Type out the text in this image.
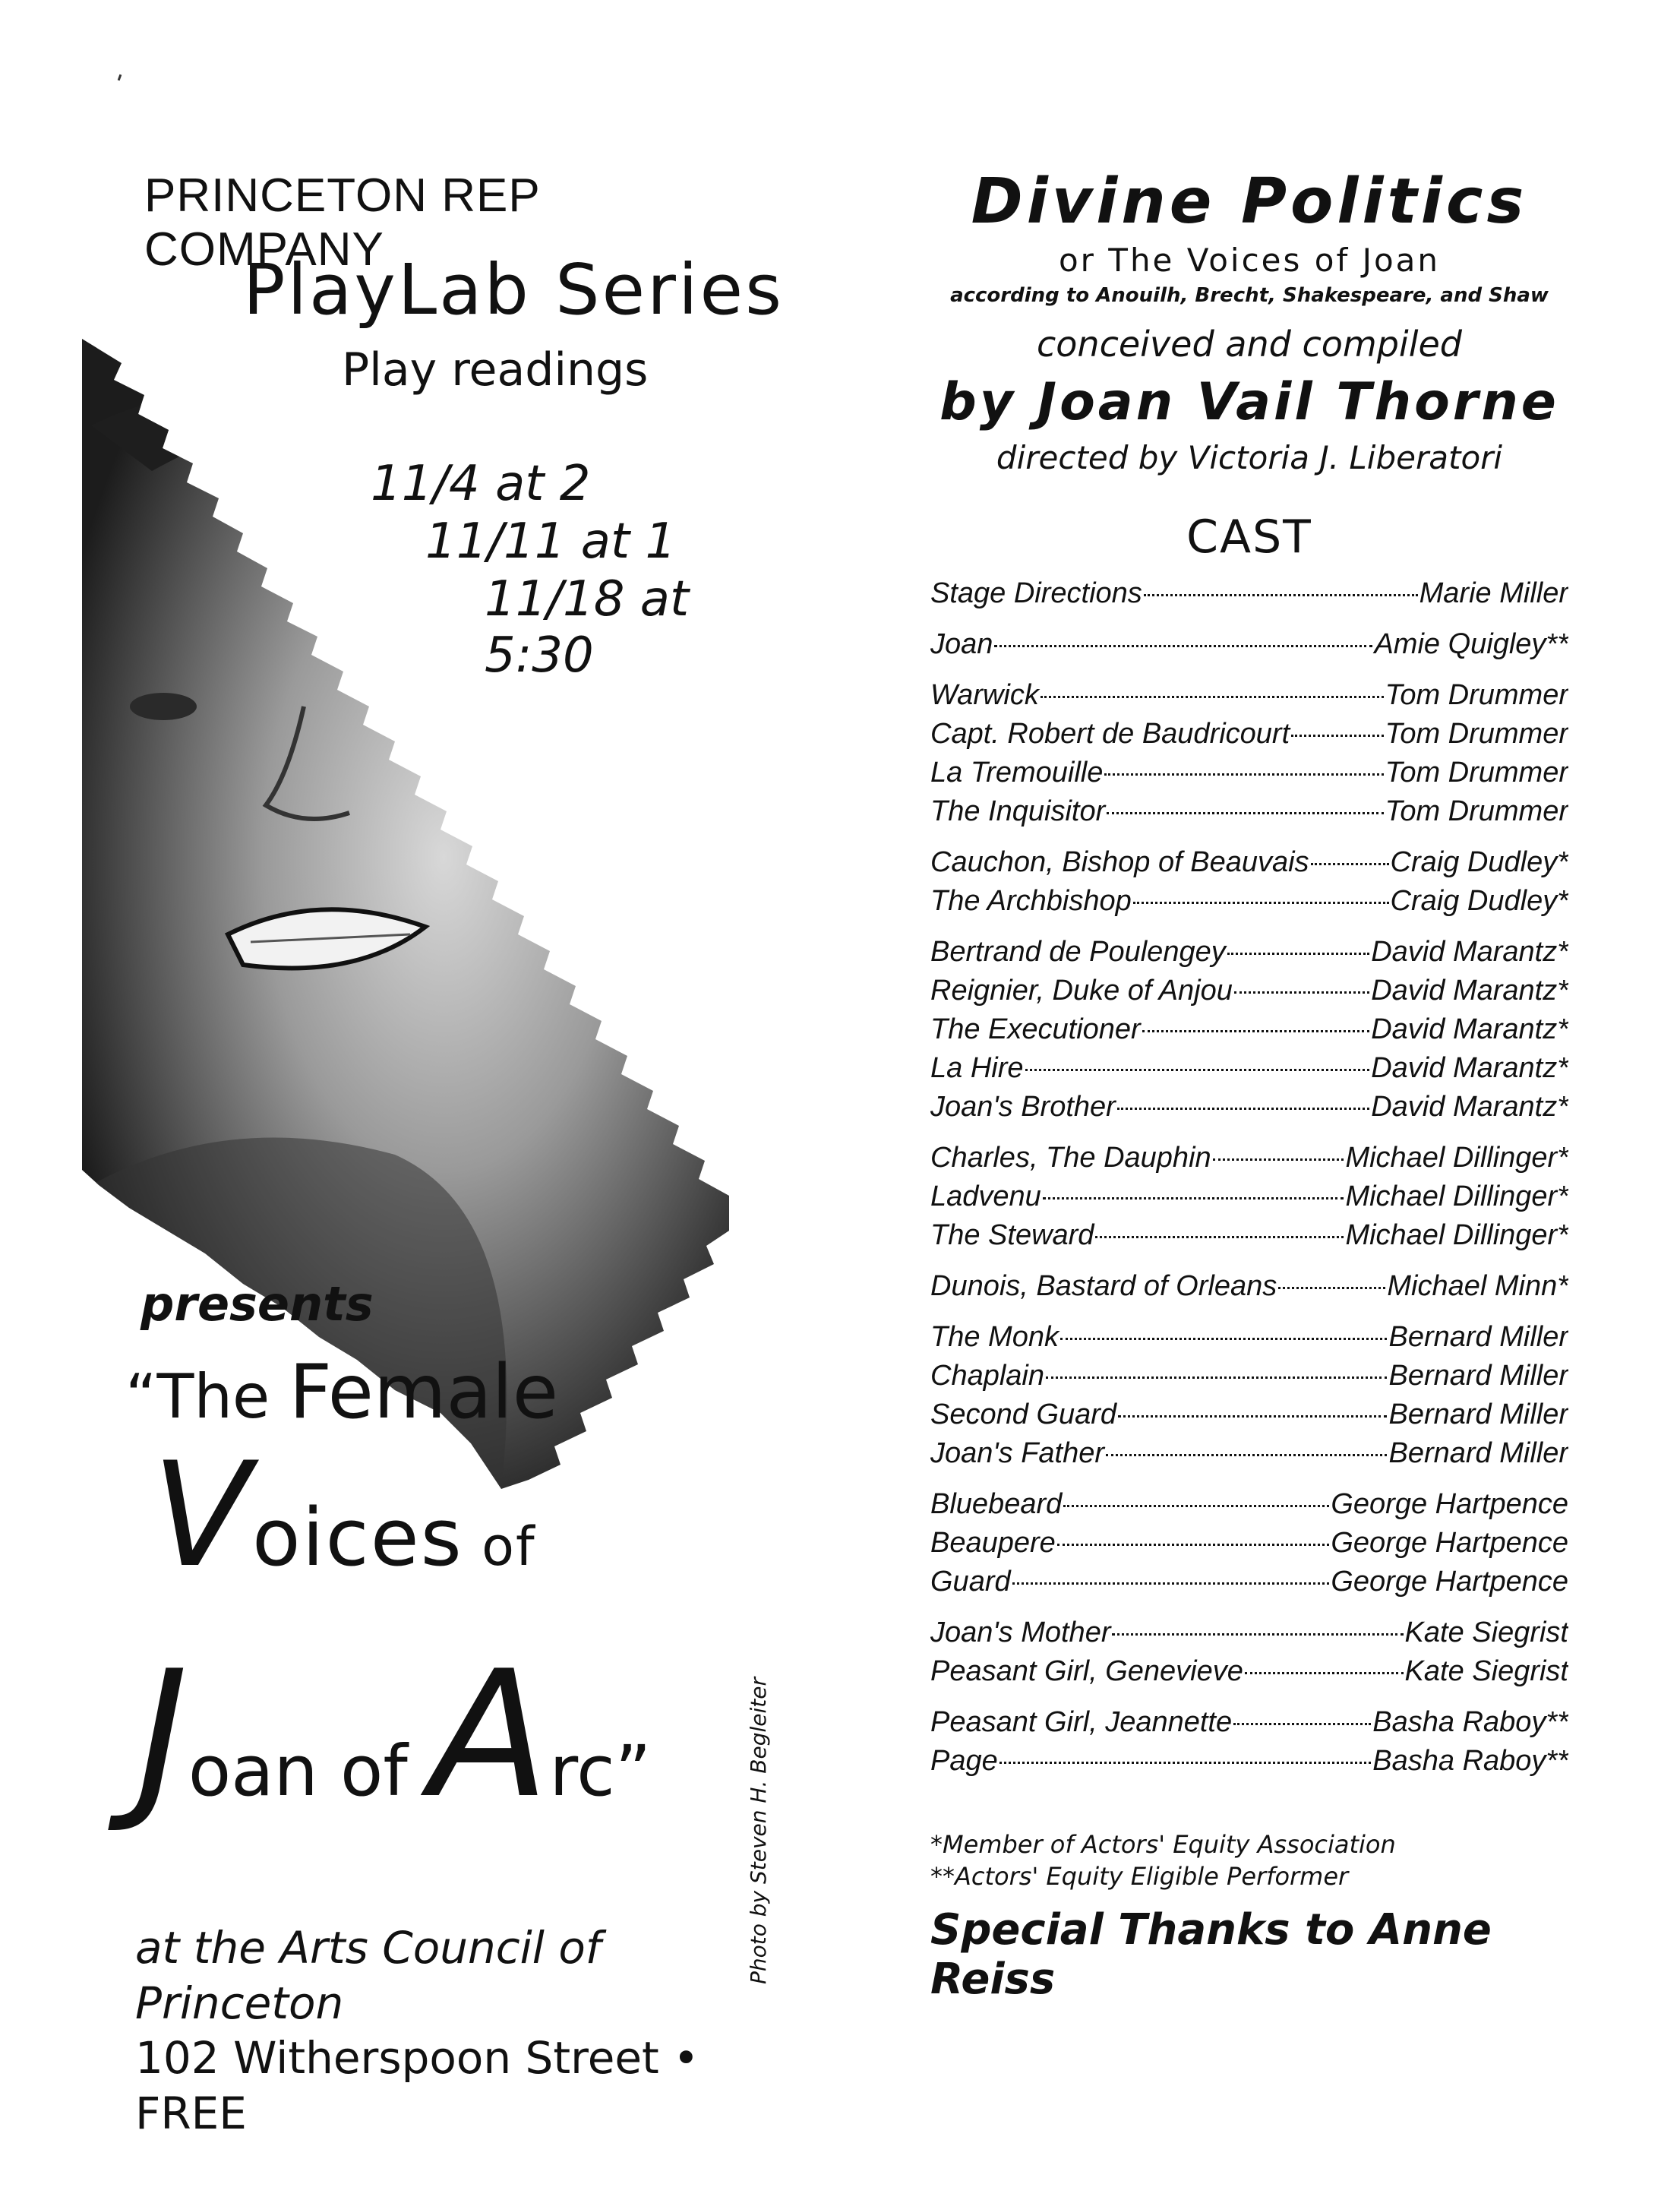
PRINCETON REP COMPANY
PlayLab Series
Play readings
11/4 at 2
11/11 at 1
11/18 at 5:30
presents
“The Female
Voices of
Joan of Arc”	Photo by Steven H. Begleiter
at the Arts Council of Princeton
102 Witherspoon Street • FREE
Divine Politics
or The Voices of Joan
according to Anouilh, Brecht, Shakespeare, and Shaw
conceived and compiled
by Joan Vail Thorne
directed by Victoria J. Liberatori
CAST
Stage Directions	Marie Miller
Joan	Amie Quigley**
Warwick	Tom Drummer
Capt. Robert de Baudricourt	Tom Drummer
La Tremouille	Tom Drummer
The Inquisitor	Tom Drummer
Cauchon, Bishop of Beauvais	Craig Dudley*
The Archbishop	Craig Dudley*
Bertrand de Poulengey	David Marantz*
Reignier, Duke of Anjou	David Marantz*
The Executioner	David Marantz*
La Hire	David Marantz*
Joan's Brother	David Marantz*
Charles, The Dauphin	Michael Dillinger*
Ladvenu	Michael Dillinger*
The Steward	Michael Dillinger*
Dunois, Bastard of Orleans	Michael Minn*
The Monk	Bernard Miller
Chaplain	Bernard Miller
Second Guard	Bernard Miller
Joan's Father	Bernard Miller
Bluebeard	George Hartpence
Beaupere	George Hartpence
Guard	George Hartpence
Joan's Mother	Kate Siegrist
Peasant Girl, Genevieve	Kate Siegrist
Peasant Girl, Jeannette	Basha Raboy**
Page	Basha Raboy**
*Member of Actors' Equity Association
**Actors' Equity Eligible Performer
Special Thanks to Anne Reiss
